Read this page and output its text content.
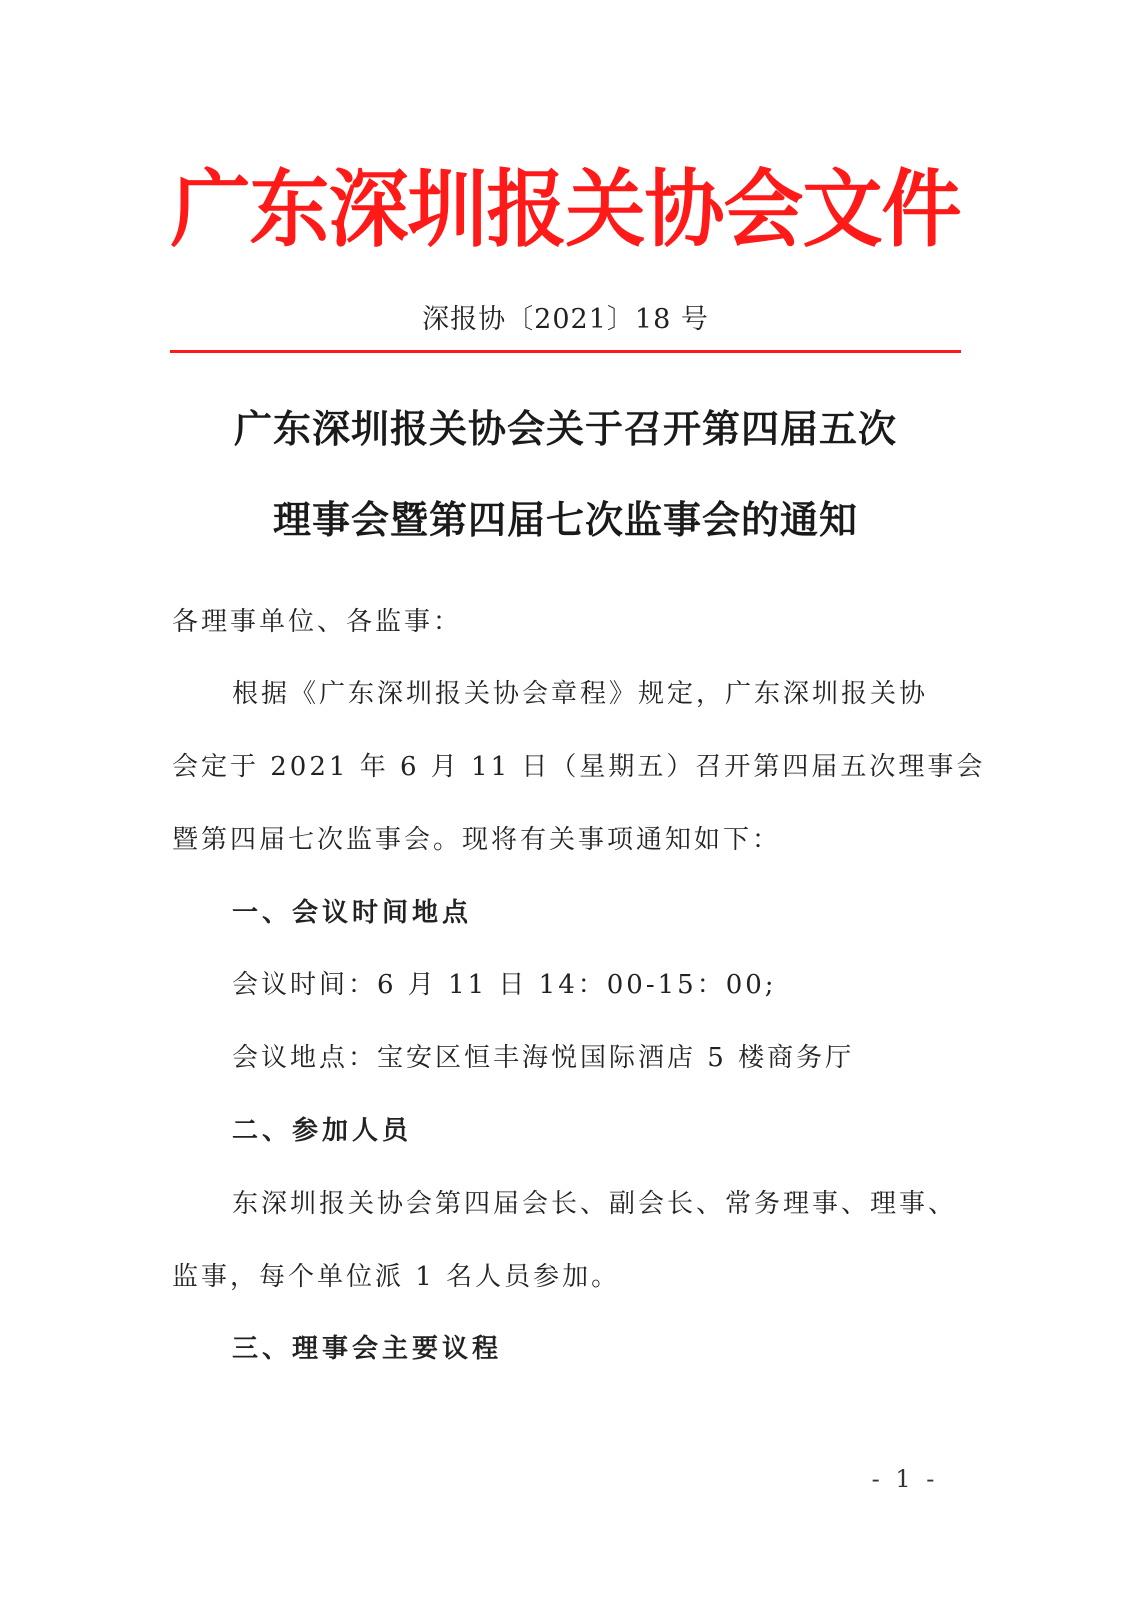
广东深圳报关协会文件
深报协〔2021〕18 号
广东深圳报关协会关于召开第四届五次
理事会暨第四届七次监事会的通知
各理事单位、各监事：
根据《广东深圳报关协会章程》规定，广东深圳报关协
会定于 2021 年 6 月 11 日（星期五）召开第四届五次理事会
暨第四届七次监事会。现将有关事项通知如下：
一、会议时间地点
会议时间：6 月 11 日 14：00-15：00;
会议地点：宝安区恒丰海悦国际酒店 5 楼商务厅
二、参加人员
东深圳报关协会第四届会长、副会长、常务理事、理事、
监事，每个单位派 1 名人员参加。
三、理事会主要议程
- 1 -
